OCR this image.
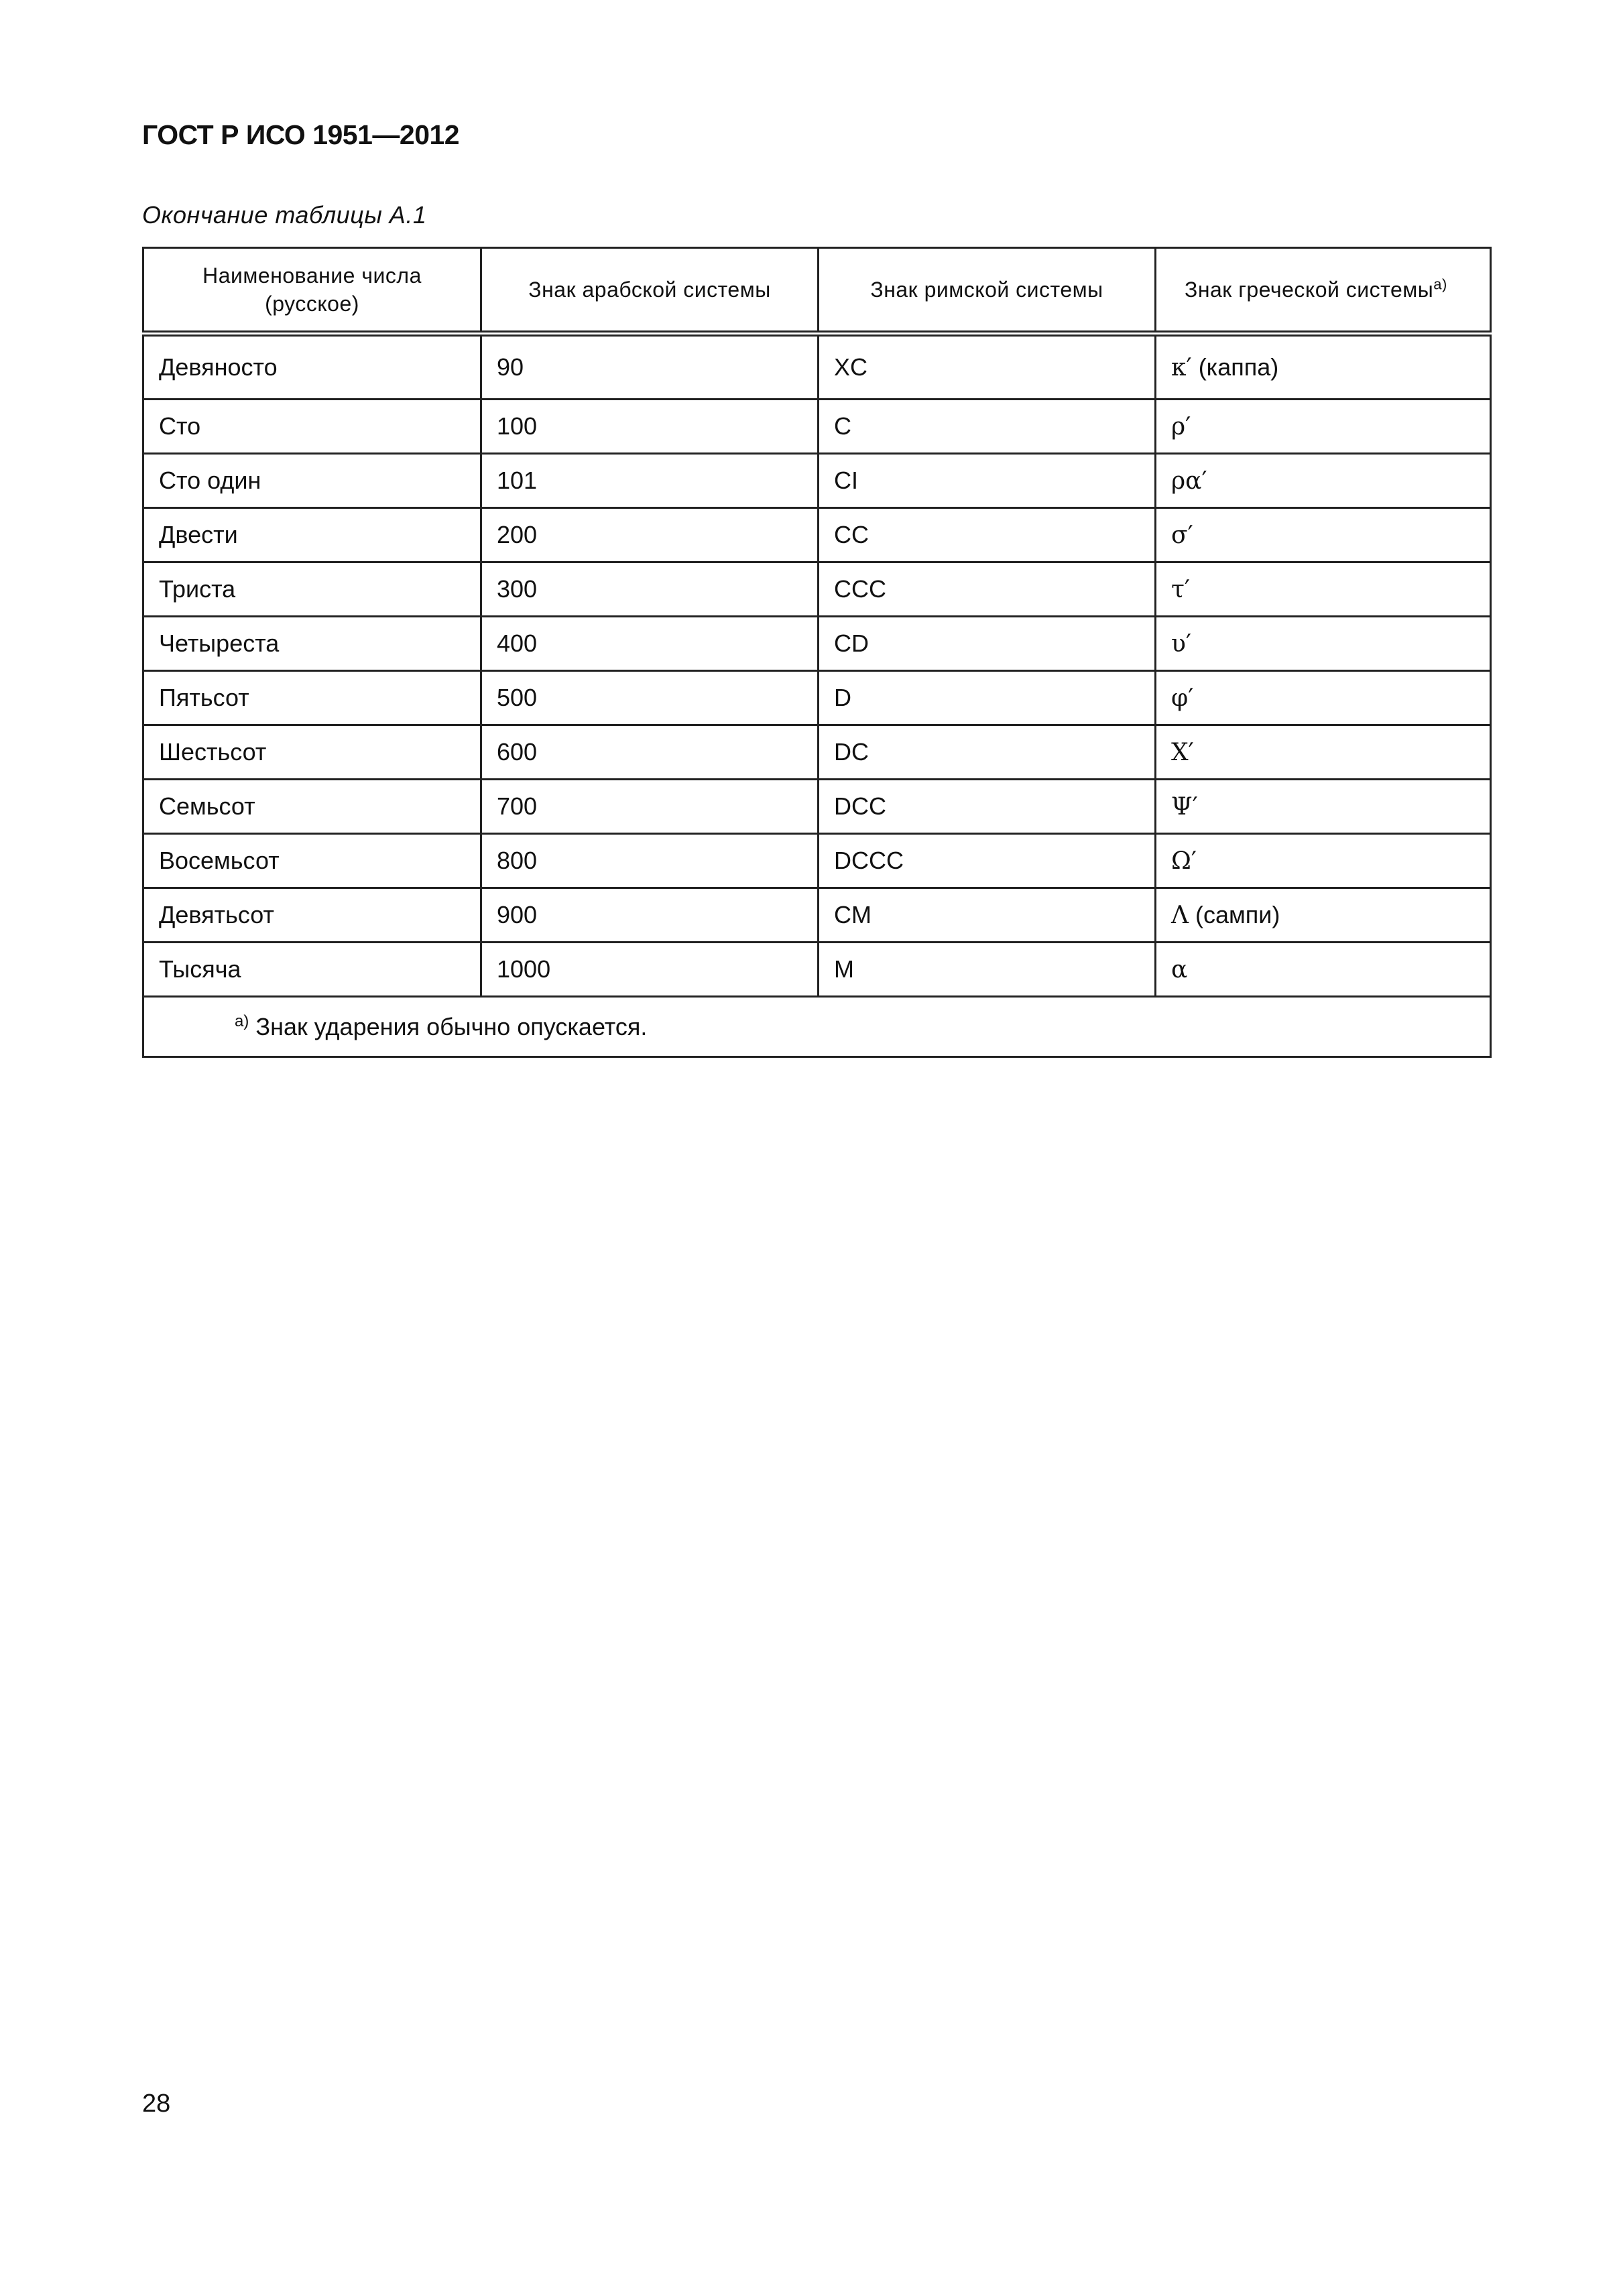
ГОСТ Р ИСО 1951—2012
Окончание таблицы А.1
Наименование числа
(русское)	Знак арабской системы	Знак римской системы	Знак греческой системы$^{a)}$
Девяносто	90	XC	κ′ (каппа)
Сто	100	C	ρ′
Сто один	101	CI	ρα′
Двести	200	CC	σ′
Триста	300	CCC	τ′
Четыреста	400	CD	υ′
Пятьсот	500	D	φ′
Шестьсот	600	DC	Χ′
Семьсот	700	DCC	Ψ′
Восемьсот	800	DCCC	Ω′
Девятьсот	900	CM	Λ (сампи)
Тысяча	1000	M	α
$^{a)}$ Знак ударения обычно опускается.			
28
